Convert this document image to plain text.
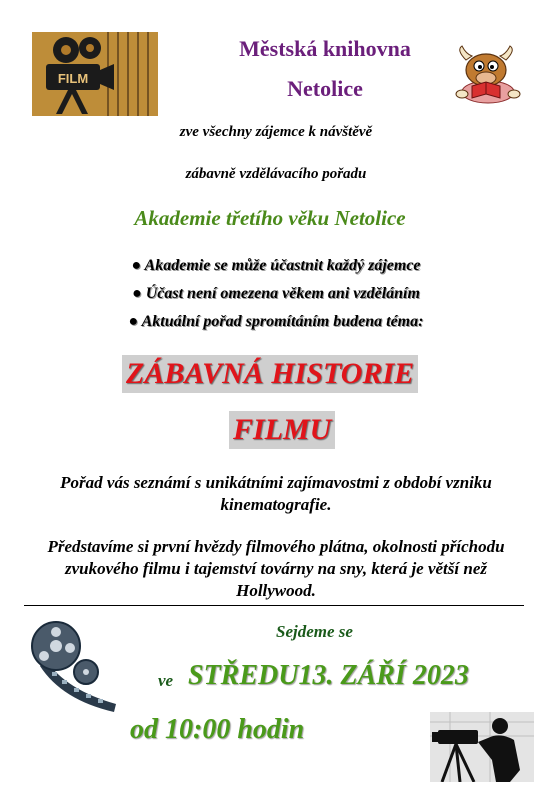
FILM
Městská knihovna
Netolice
zve všechny zájemce k návštěvě
zábavně vzdělávacího pořadu
Akademie třetího věku Netolice
● Akademie se může účastnit každý zájemce
● Účast není omezena věkem ani vzděláním
● Aktuální pořad spromítáním budena téma:
ZÁBAVNÁ HISTORIE
FILMU
Pořad vás seznámí s unikátními zajímavostmi z období vzniku kinematografie.
Představíme si první hvězdy filmového plátna, okolnosti příchodu zvukového filmu i tajemství továrny na sny, která je větší než Hollywood.
Sejdeme se
ve STŘEDU13. ZÁŘÍ 2023
od 10:00 hodin
